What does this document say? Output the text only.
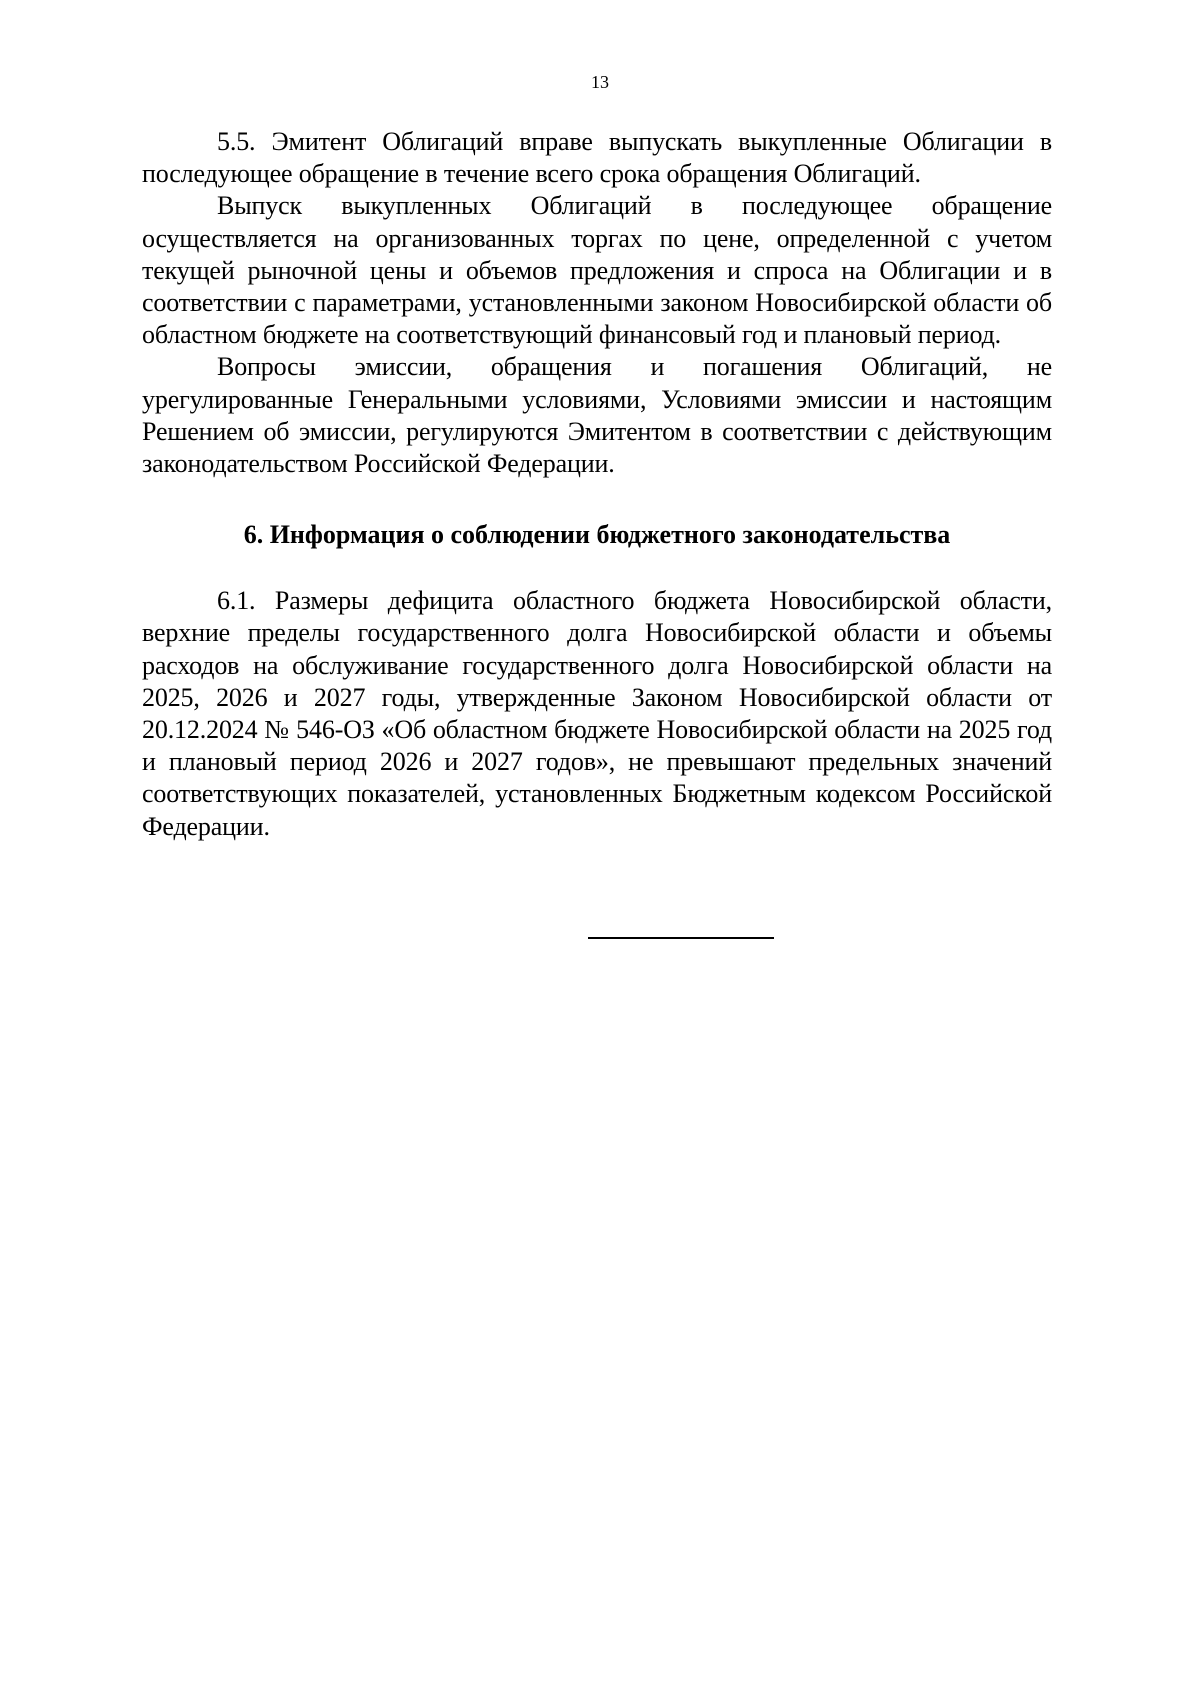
13

5.5. Эмитент Облигаций вправе выпускать выкупленные Облигации в последующее обращение в течение всего срока обращения Облигаций.

Выпуск выкупленных Облигаций в последующее обращение осуществляется на организованных торгах по цене, определенной с учетом текущей рыночной цены и объемов предложения и спроса на Облигации и в соответствии с параметрами, установленными законом Новосибирской области об областном бюджете на соответствующий финансовый год и плановый период.

Вопросы эмиссии, обращения и погашения Облигаций, не урегулированные Генеральными условиями, Условиями эмиссии и настоящим Решением об эмиссии, регулируются Эмитентом в соответствии с действующим законодательством Российской Федерации.

6. Информация о соблюдении бюджетного законодательства

6.1. Размеры дефицита областного бюджета Новосибирской области, верхние пределы государственного долга Новосибирской области и объемы расходов на обслуживание государственного долга Новосибирской области на 2025, 2026 и 2027 годы, утвержденные Законом Новосибирской области от 20.12.2024 № 546-ОЗ «Об областном бюджете Новосибирской области на 2025 год и плановый период 2026 и 2027 годов», не превышают предельных значений соответствующих показателей, установленных Бюджетным кодексом Российской Федерации.
